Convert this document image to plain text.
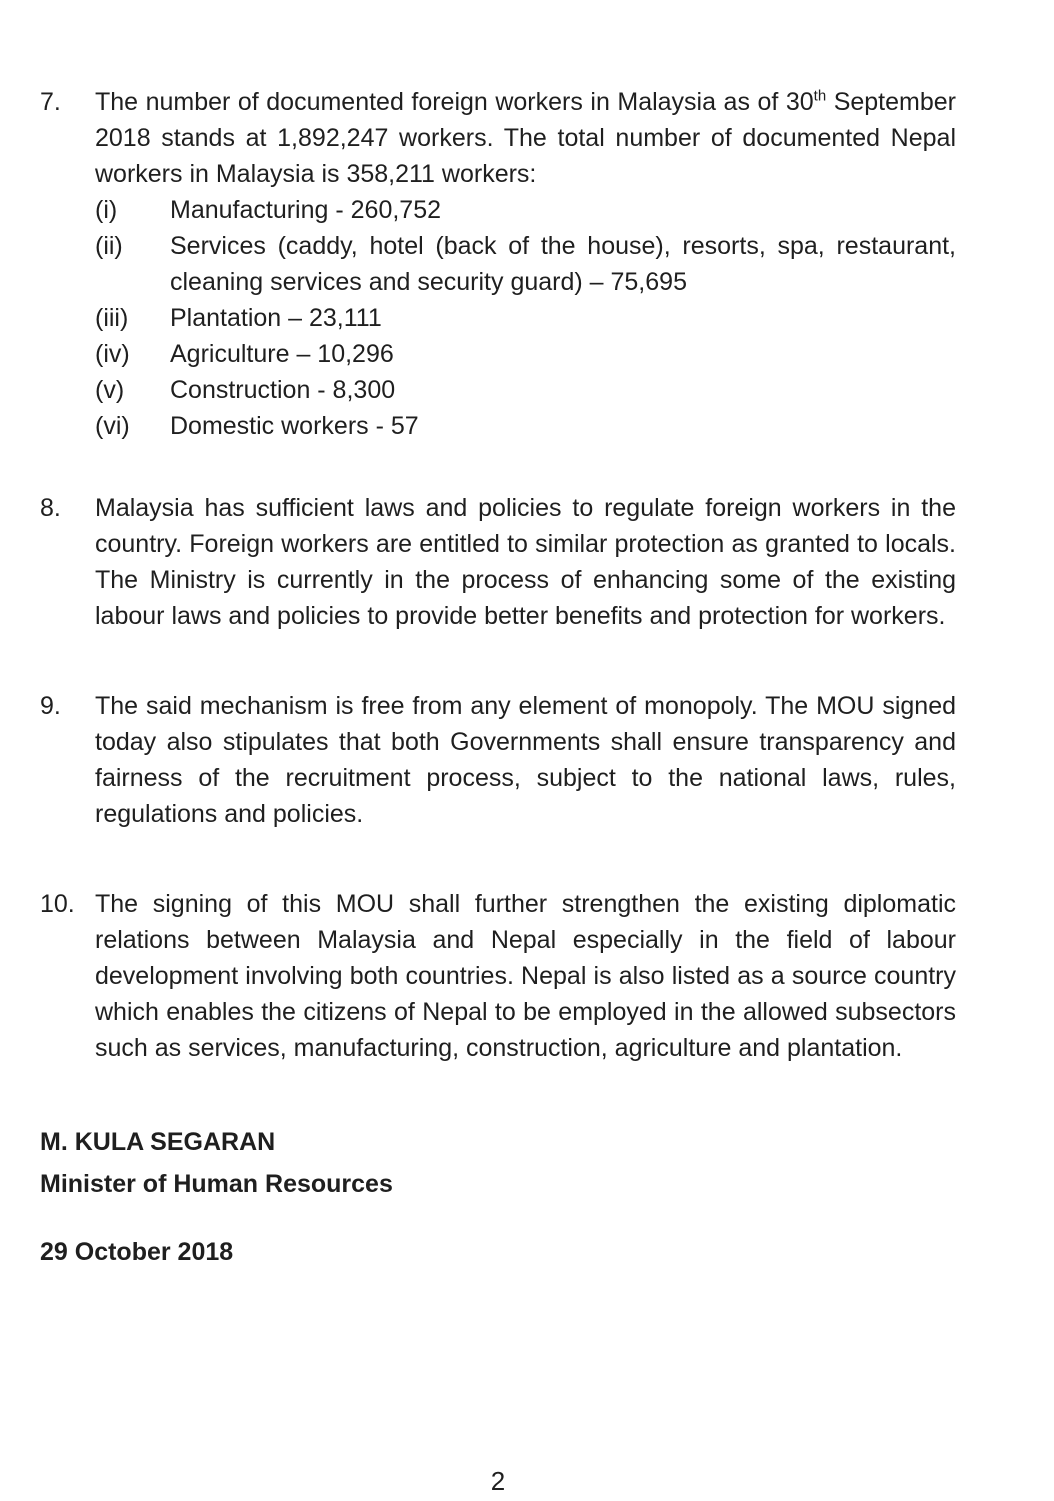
7. The number of documented foreign workers in Malaysia as of 30th September 2018 stands at 1,892,247 workers. The total number of documented Nepal workers in Malaysia is 358,211 workers:
(i)	Manufacturing - 260,752
(ii)	Services (caddy, hotel (back of the house), resorts, spa, restaurant, cleaning services and security guard) – 75,695
(iii)	Plantation – 23,111
(iv)	Agriculture – 10,296
(v)	Construction - 8,300
(vi)	Domestic workers - 57
8. Malaysia has sufficient laws and policies to regulate foreign workers in the country. Foreign workers are entitled to similar protection as granted to locals. The Ministry is currently in the process of enhancing some of the existing labour laws and policies to provide better benefits and protection for workers.
9. The said mechanism is free from any element of monopoly. The MOU signed today also stipulates that both Governments shall ensure transparency and fairness of the recruitment process, subject to the national laws, rules, regulations and policies.
10. The signing of this MOU shall further strengthen the existing diplomatic relations between Malaysia and Nepal especially in the field of labour development involving both countries. Nepal is also listed as a source country which enables the citizens of Nepal to be employed in the allowed subsectors such as services, manufacturing, construction, agriculture and plantation.
M. KULA SEGARAN
Minister of Human Resources
29 October 2018
2
